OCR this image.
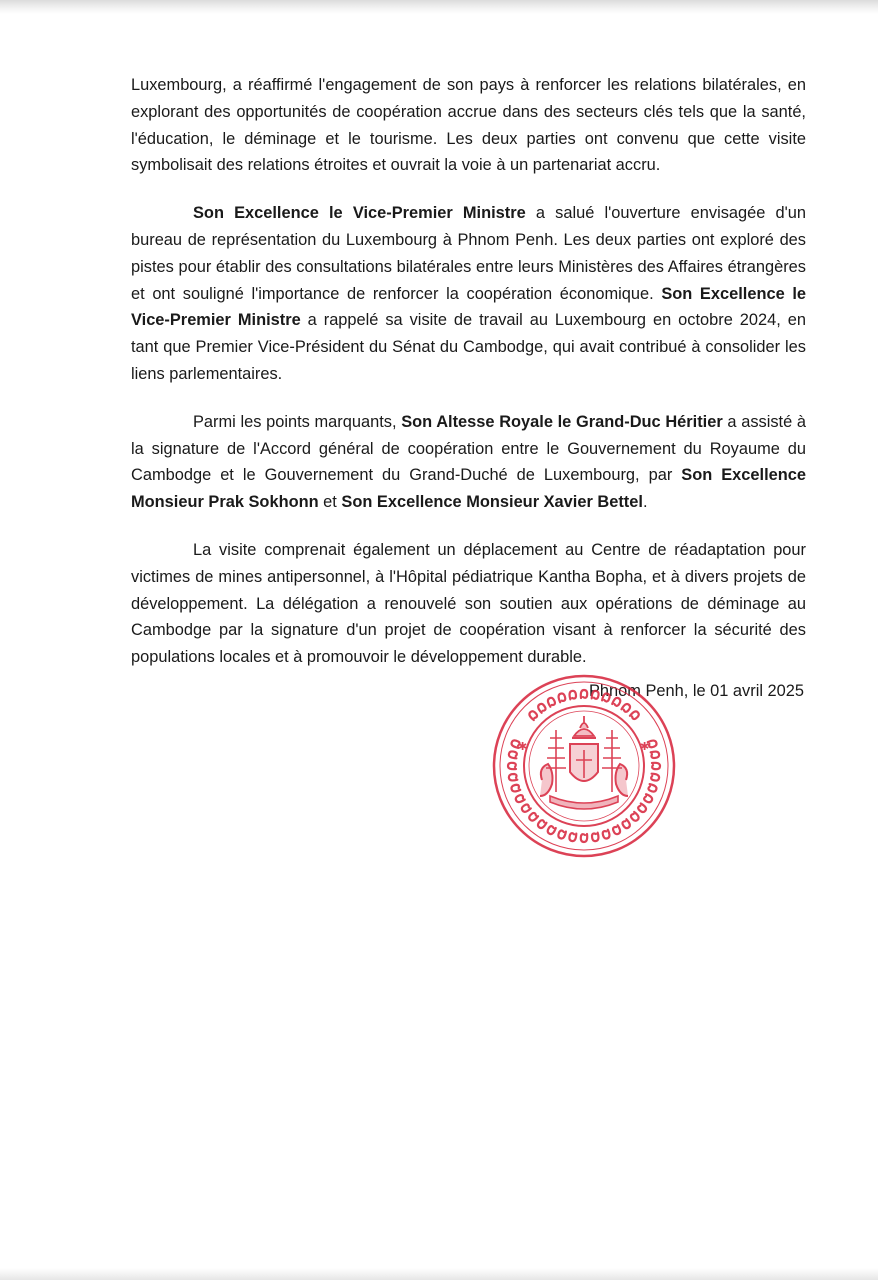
Luxembourg, a réaffirmé l'engagement de son pays à renforcer les relations bilatérales, en explorant des opportunités de coopération accrue dans des secteurs clés tels que la santé, l'éducation, le déminage et le tourisme. Les deux parties ont convenu que cette visite symbolisait des relations étroites et ouvrait la voie à un partenariat accru.

Son Excellence le Vice-Premier Ministre a salué l'ouverture envisagée d'un bureau de représentation du Luxembourg à Phnom Penh. Les deux parties ont exploré des pistes pour établir des consultations bilatérales entre leurs Ministères des Affaires étrangères et ont souligné l'importance de renforcer la coopération économique. Son Excellence le Vice-Premier Ministre a rappelé sa visite de travail au Luxembourg en octobre 2024, en tant que Premier Vice-Président du Sénat du Cambodge, qui avait contribué à consolider les liens parlementaires.

Parmi les points marquants, Son Altesse Royale le Grand-Duc Héritier a assisté à la signature de l'Accord général de coopération entre le Gouvernement du Royaume du Cambodge et le Gouvernement du Grand-Duché de Luxembourg, par Son Excellence Monsieur Prak Sokhonn et Son Excellence Monsieur Xavier Bettel.

La visite comprenait également un déplacement au Centre de réadaptation pour victimes de mines antipersonnel, à l'Hôpital pédiatrique Kantha Bopha, et à divers projets de développement. La délégation a renouvelé son soutien aux opérations de déminage au Cambodge par la signature d'un projet de coopération visant à renforcer la sécurité des populations locales et à promouvoir le développement durable.

Phnom Penh, le 01 avril 2025
✱	✱
